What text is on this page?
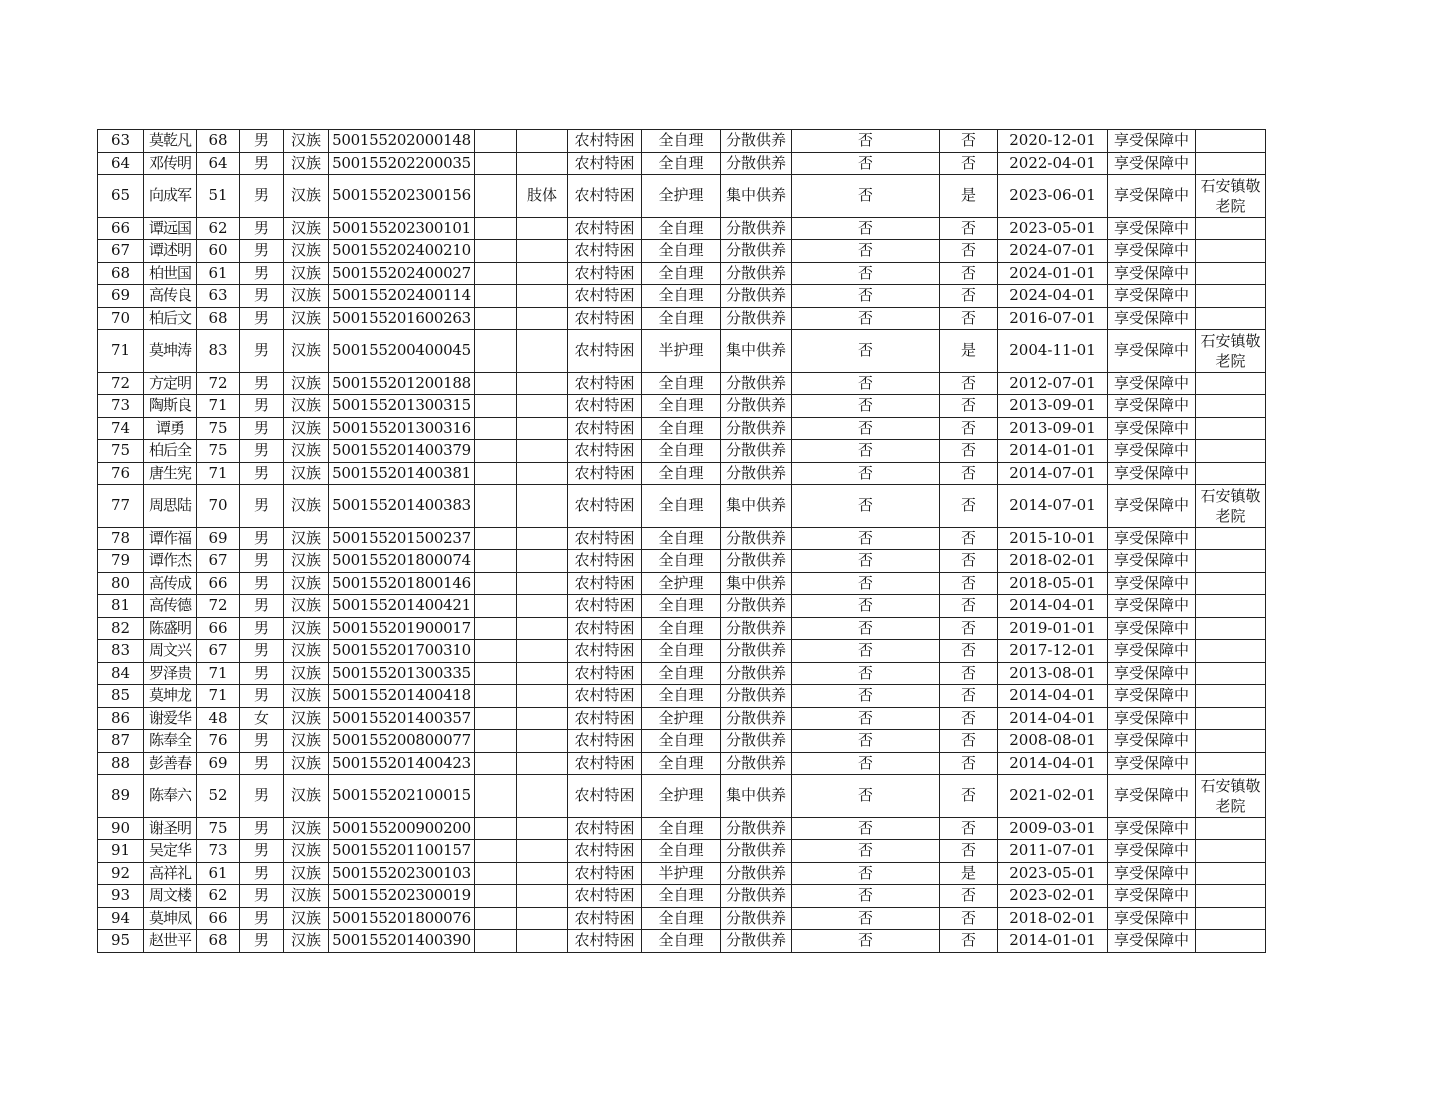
63	莫乾凡	68	男	汉族	500155202000148			农村特困	全自理	分散供养	否	否	2020-12-01	享受保障中	
64	邓传明	64	男	汉族	500155202200035			农村特困	全自理	分散供养	否	否	2022-04-01	享受保障中	
65	向成军	51	男	汉族	500155202300156		肢体	农村特困	全护理	集中供养	否	是	2023-06-01	享受保障中	石安镇敬老院
66	谭远国	62	男	汉族	500155202300101			农村特困	全自理	分散供养	否	否	2023-05-01	享受保障中	
67	谭述明	60	男	汉族	500155202400210			农村特困	全自理	分散供养	否	否	2024-07-01	享受保障中	
68	柏世国	61	男	汉族	500155202400027			农村特困	全自理	分散供养	否	否	2024-01-01	享受保障中	
69	高传良	63	男	汉族	500155202400114			农村特困	全自理	分散供养	否	否	2024-04-01	享受保障中	
70	柏后文	68	男	汉族	500155201600263			农村特困	全自理	分散供养	否	否	2016-07-01	享受保障中	
71	莫坤涛	83	男	汉族	500155200400045			农村特困	半护理	集中供养	否	是	2004-11-01	享受保障中	石安镇敬老院
72	方定明	72	男	汉族	500155201200188			农村特困	全自理	分散供养	否	否	2012-07-01	享受保障中	
73	陶斯良	71	男	汉族	500155201300315			农村特困	全自理	分散供养	否	否	2013-09-01	享受保障中	
74	谭勇	75	男	汉族	500155201300316			农村特困	全自理	分散供养	否	否	2013-09-01	享受保障中	
75	柏后全	75	男	汉族	500155201400379			农村特困	全自理	分散供养	否	否	2014-01-01	享受保障中	
76	唐生宪	71	男	汉族	500155201400381			农村特困	全自理	分散供养	否	否	2014-07-01	享受保障中	
77	周思陆	70	男	汉族	500155201400383			农村特困	全自理	集中供养	否	否	2014-07-01	享受保障中	石安镇敬老院
78	谭作福	69	男	汉族	500155201500237			农村特困	全自理	分散供养	否	否	2015-10-01	享受保障中	
79	谭作杰	67	男	汉族	500155201800074			农村特困	全自理	分散供养	否	否	2018-02-01	享受保障中	
80	高传成	66	男	汉族	500155201800146			农村特困	全护理	集中供养	否	否	2018-05-01	享受保障中	
81	高传德	72	男	汉族	500155201400421			农村特困	全自理	分散供养	否	否	2014-04-01	享受保障中	
82	陈盛明	66	男	汉族	500155201900017			农村特困	全自理	分散供养	否	否	2019-01-01	享受保障中	
83	周文兴	67	男	汉族	500155201700310			农村特困	全自理	分散供养	否	否	2017-12-01	享受保障中	
84	罗泽贵	71	男	汉族	500155201300335			农村特困	全自理	分散供养	否	否	2013-08-01	享受保障中	
85	莫坤龙	71	男	汉族	500155201400418			农村特困	全自理	分散供养	否	否	2014-04-01	享受保障中	
86	谢爱华	48	女	汉族	500155201400357			农村特困	全护理	分散供养	否	否	2014-04-01	享受保障中	
87	陈奉全	76	男	汉族	500155200800077			农村特困	全自理	分散供养	否	否	2008-08-01	享受保障中	
88	彭善春	69	男	汉族	500155201400423			农村特困	全自理	分散供养	否	否	2014-04-01	享受保障中	
89	陈奉六	52	男	汉族	500155202100015			农村特困	全护理	集中供养	否	否	2021-02-01	享受保障中	石安镇敬老院
90	谢圣明	75	男	汉族	500155200900200			农村特困	全自理	分散供养	否	否	2009-03-01	享受保障中	
91	吴定华	73	男	汉族	500155201100157			农村特困	全自理	分散供养	否	否	2011-07-01	享受保障中	
92	高祥礼	61	男	汉族	500155202300103			农村特困	半护理	分散供养	否	是	2023-05-01	享受保障中	
93	周文楼	62	男	汉族	500155202300019			农村特困	全自理	分散供养	否	否	2023-02-01	享受保障中	
94	莫坤凤	66	男	汉族	500155201800076			农村特困	全自理	分散供养	否	否	2018-02-01	享受保障中	
95	赵世平	68	男	汉族	500155201400390			农村特困	全自理	分散供养	否	否	2014-01-01	享受保障中	
